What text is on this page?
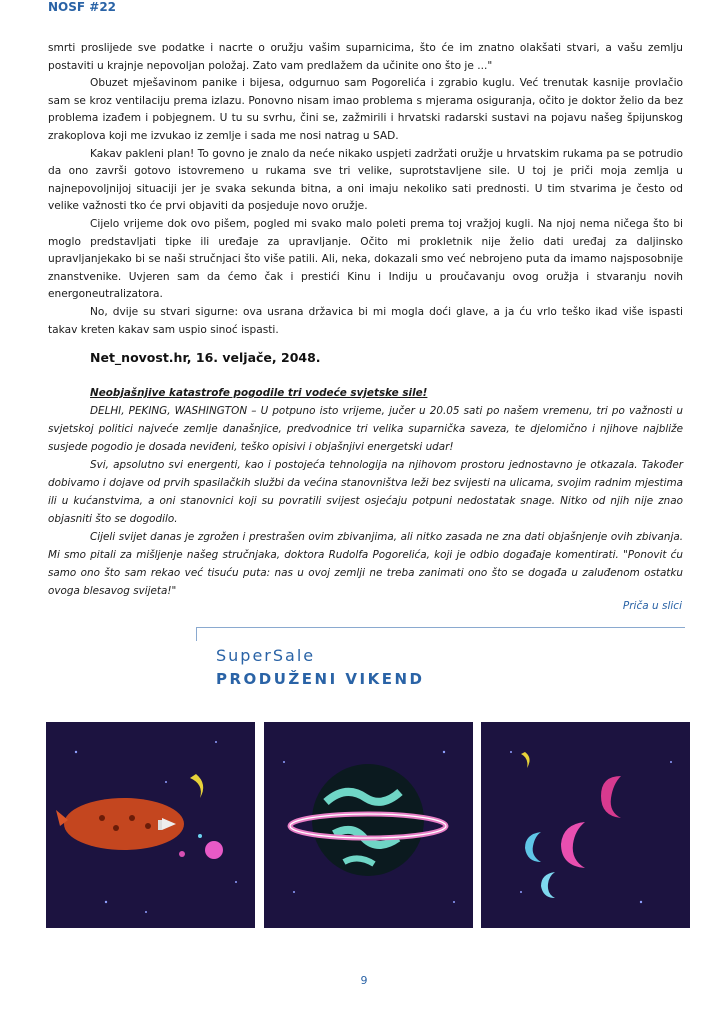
NOSF #22

smrti proslijede sve podatke i nacrte o oružju vašim suparnicima, što će im znatno olakšati stvari, a vašu zemlju postaviti u krajnje nepovoljan položaj. Zato vam predlažem da učinite ono što je ..."

Obuzet mješavinom panike i bijesa, odgurnuo sam Pogorelića i zgrabio kuglu. Već trenutak kasnije provlačio sam se kroz ventilaciju prema izlazu. Ponovno nisam imao problema s mjerama osiguranja, očito je doktor želio da bez problema izađem i pobjegnem. U tu su svrhu, čini se, zažmirili i hrvatski radarski sustavi na pojavu našeg špijunskog zrakoplova koji me izvukao iz zemlje i sada me nosi natrag u SAD.

Kakav pakleni plan! To govno je znalo da neće nikako uspjeti zadržati oružje u hrvatskim rukama pa se potrudio da ono završi gotovo istovremeno u rukama sve tri velike, suprotstavljene sile. U toj je priči moja zemlja u najnepovoljnijoj situaciji jer je svaka sekunda bitna, a oni imaju nekoliko sati prednosti. U tim stvarima je često od velike važnosti tko će prvi objaviti da posjeduje novo oružje.

Cijelo vrijeme dok ovo pišem, pogled mi svako malo poleti prema toj vražjoj kugli. Na njoj nema ničega što bi moglo predstavljati tipke ili uređaje za upravljanje. Očito mi prokletnik nije želio dati uređaj za daljinsko upravljanjekako bi se naši stručnjaci što više patili. Ali, neka, dokazali smo već nebrojeno puta da imamo najsposobnije znanstvenike. Uvjeren sam da ćemo čak i prestići Kinu i Indiju u proučavanju ovog oružja i stvaranju novih energoneutralizatora.

No, dvije su stvari sigurne: ova usrana državica bi mi mogla doći glave, a ja ću vrlo teško ikad više ispasti takav kreten kakav sam uspio sinoć ispasti.

Net_novost.hr, 16. veljače, 2048.

Neobjašnjive katastrofe pogodile tri vodeće svjetske sile!

DELHI, PEKING, WASHINGTON – U potpuno isto vrijeme, jučer u 20.05 sati po našem vremenu, tri po važnosti u svjetskoj politici najveće zemlje današnjice, predvodnice tri velika suparnička saveza, te djelomično i njihove najbliže susjede pogodio je dosada neviđeni, teško opisivi i objašnjivi energetski udar!

Svi, apsolutno svi energenti, kao i postojeća tehnologija na njihovom prostoru jednostavno je otkazala. Također dobivamo i dojave od prvih spasilačkih službi da većina stanovništva leži bez svijesti na ulicama, svojim radnim mjestima ili u kućanstvima, a oni stanovnici koji su povratili svijest osjećaju potpuni nedostatak snage. Nitko od njih nije znao objasniti što se dogodilo.

Cijeli svijet danas je zgrožen i prestrašen ovim zbivanjima, ali nitko zasada ne zna dati objašnjenje ovih zbivanja. Mi smo pitali za mišljenje našeg stručnjaka, doktora Rudolfa Pogorelića, koji je odbio događaje komentirati. "Ponovit ću samo ono što sam rekao već tisuću puta: nas u ovoj zemlji ne treba zanimati ono što se događa u zaluđenom ostatku ovoga blesavog svijeta!"

Priča u slici
SuperSale
PRODUŽENI VIKEND
9
